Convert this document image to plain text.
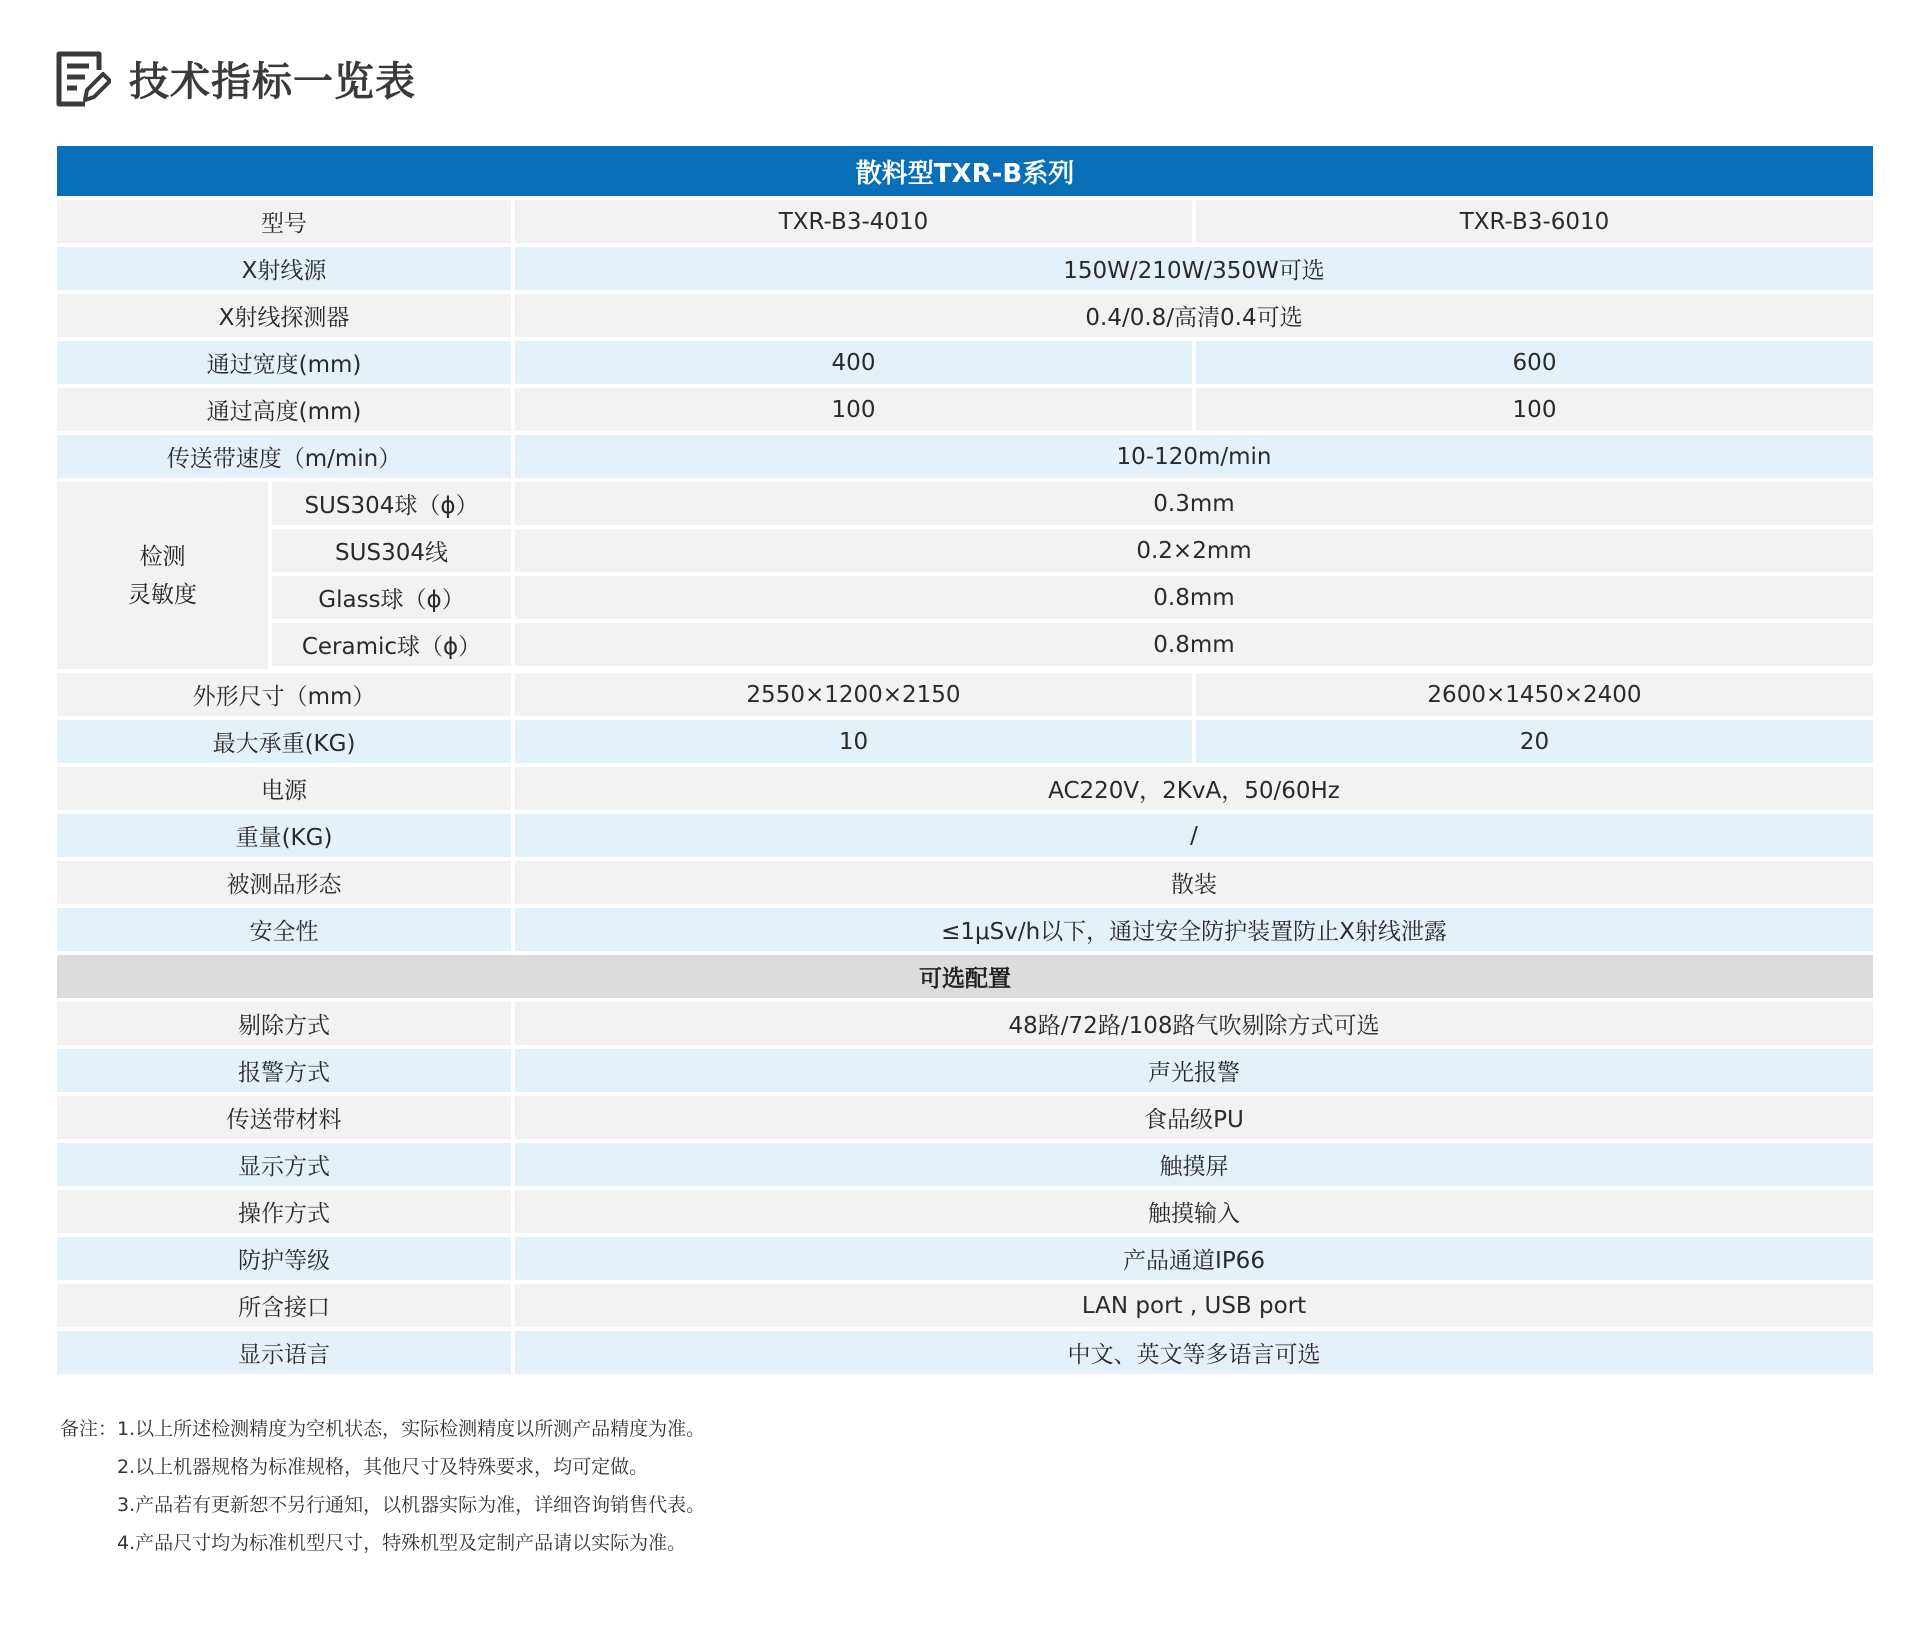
技术指标一览表
散料型TXR-B系列
型号	TXR-B3-4010	TXR-B3-6010
X射线源	150W/210W/350W可选
X射线探测器	0.4/0.8/高清0.4可选
通过宽度(mm)	400	600
通过高度(mm)	100	100
传送带速度（m/min）	10-120m/min
检测
灵敏度
SUS304球（ϕ）	0.3mm
SUS304线	0.2×2mm
Glass球（ϕ）	0.8mm
Ceramic球（ϕ）	0.8mm
外形尺寸（mm）	2550×1200×2150	2600×1450×2400
最大承重(KG)	10	20
电源	AC220V，2KvA，50/60Hz
重量(KG)	/
被测品形态	散装
安全性	≤1μSv/h以下，通过安全防护装置防止X射线泄露
可选配置
剔除方式	48路/72路/108路气吹剔除方式可选
报警方式	声光报警
传送带材料	食品级PU
显示方式	触摸屏
操作方式	触摸输入
防护等级	产品通道IP66
所含接口	LAN port , USB port
显示语言	中文、英文等多语言可选
备注： 1.以上所述检测精度为空机状态，实际检测精度以所测产品精度为准。
2.以上机器规格为标准规格，其他尺寸及特殊要求，均可定做。
3.产品若有更新恕不另行通知，以机器实际为准，详细咨询销售代表。
4.产品尺寸均为标准机型尺寸，特殊机型及定制产品请以实际为准。
